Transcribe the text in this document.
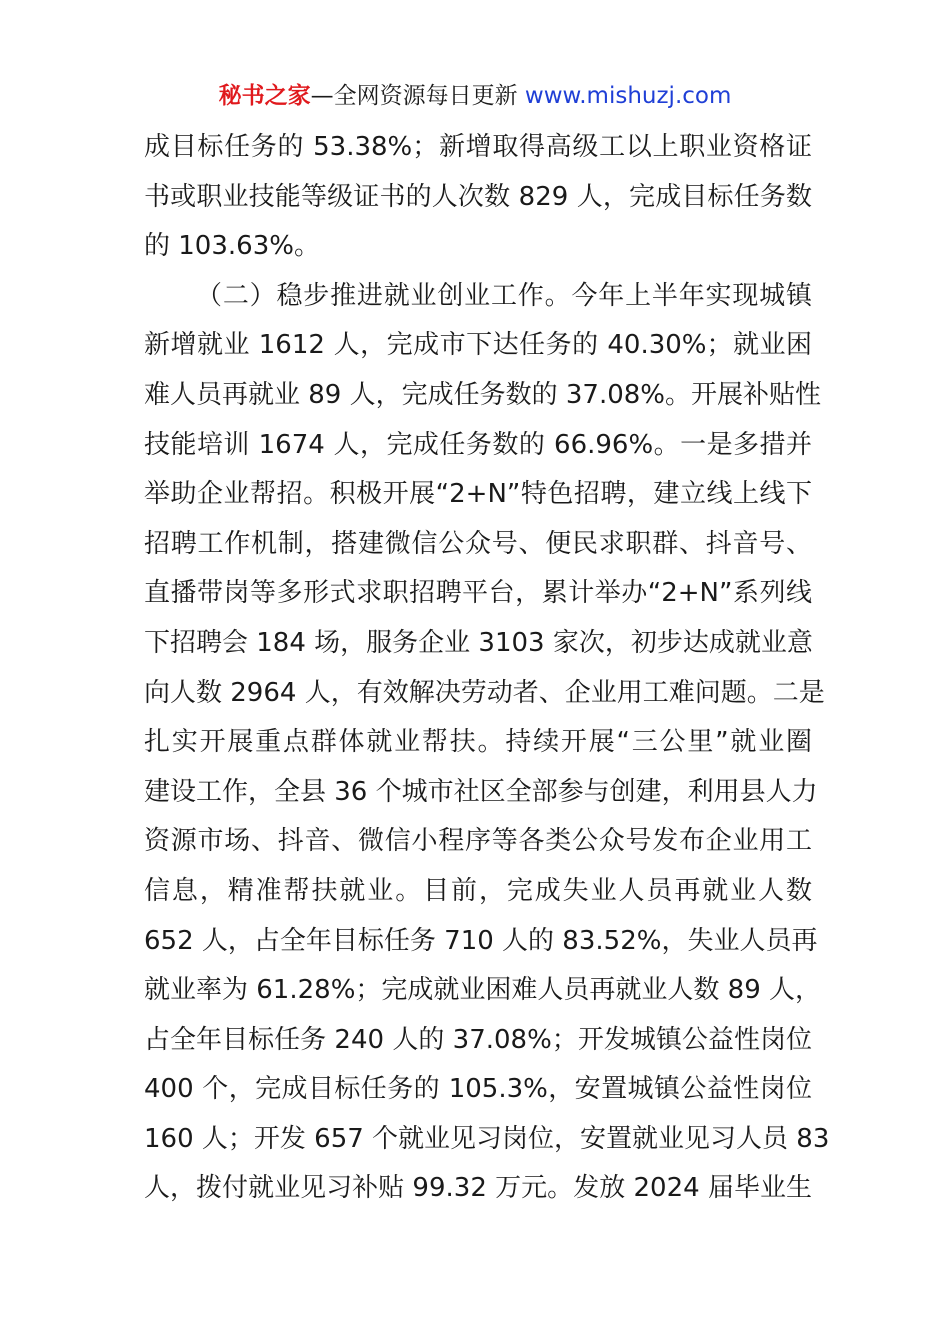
秘书之家—全网资源每日更新 www.mishuzj.com
成目标任务的 53.38%；新增取得高级工以上职业资格证
书或职业技能等级证书的人次数 829 人，完成目标任务数
的 103.63%。
（二）稳步推进就业创业工作。今年上半年实现城镇
新增就业 1612 人，完成市下达任务的 40.30%；就业困
难人员再就业 89 人，完成任务数的 37.08%。开展补贴性
技能培训 1674 人，完成任务数的 66.96%。一是多措并
举助企业帮招。积极开展“2+N”特色招聘，建立线上线下
招聘工作机制，搭建微信公众号、便民求职群、抖音号、
直播带岗等多形式求职招聘平台，累计举办“2+N”系列线
下招聘会 184 场，服务企业 3103 家次，初步达成就业意
向人数 2964 人，有效解决劳动者、企业用工难问题。二是
扎实开展重点群体就业帮扶。持续开展“三公里”就业圈
建设工作，全县 36 个城市社区全部参与创建，利用县人力
资源市场、抖音、微信小程序等各类公众号发布企业用工
信息，精准帮扶就业。目前，完成失业人员再就业人数
652 人，占全年目标任务 710 人的 83.52%，失业人员再
就业率为 61.28%；完成就业困难人员再就业人数 89 人，
占全年目标任务 240 人的 37.08%；开发城镇公益性岗位
400 个，完成目标任务的 105.3%，安置城镇公益性岗位
160 人；开发 657 个就业见习岗位，安置就业见习人员 83
人，拨付就业见习补贴 99.32 万元。发放 2024 届毕业生
